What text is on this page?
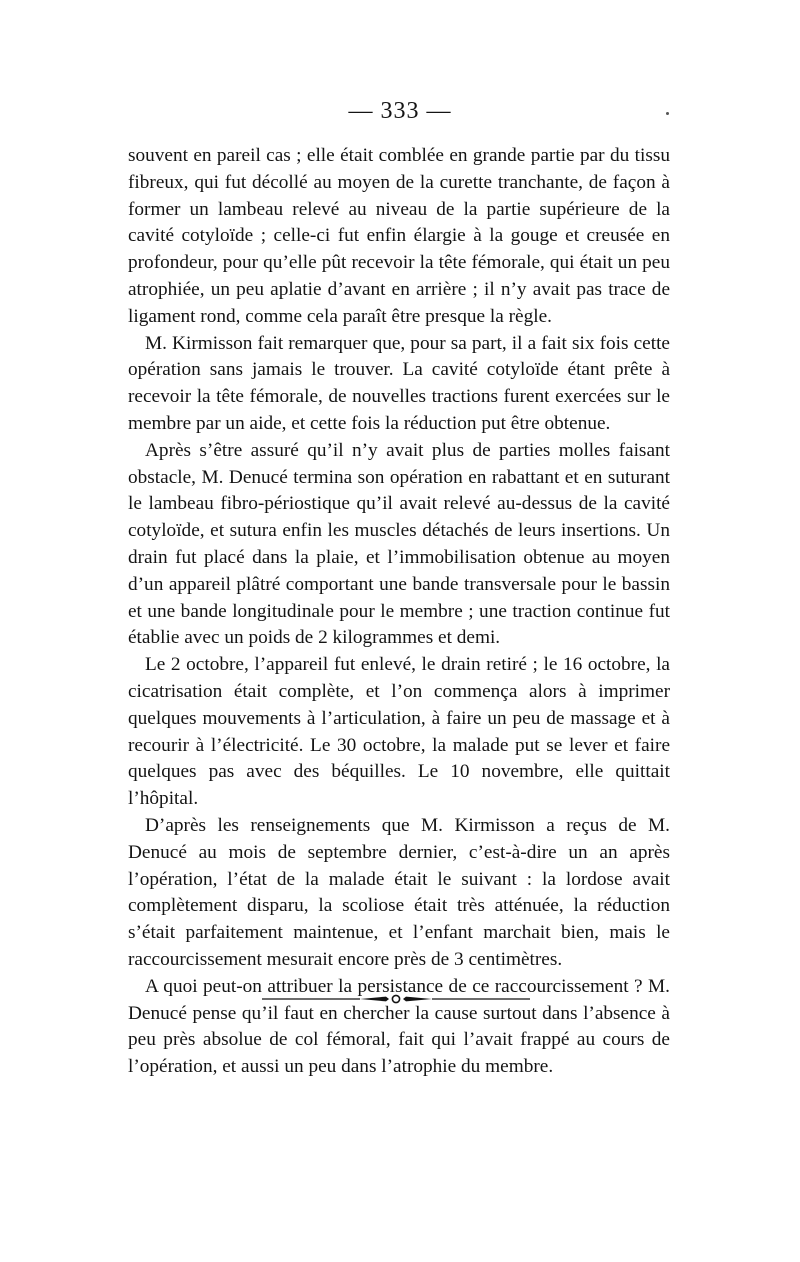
— 333 —

souvent en pareil cas ; elle était comblée en grande partie par du tissu fibreux, qui fut décollé au moyen de la curette tranchante, de façon à former un lambeau relevé au niveau de la partie supérieure de la cavité cotyloïde ; celle-ci fut enfin élargie à la gouge et creusée en profondeur, pour qu’elle pût recevoir la tête fémorale, qui était un peu atrophiée, un peu aplatie d’avant en arrière ; il n’y avait pas trace de ligament rond, comme cela paraît être presque la règle.

M. Kirmisson fait remarquer que, pour sa part, il a fait six fois cette opération sans jamais le trouver. La cavité cotyloïde étant prête à recevoir la tête fémorale, de nouvelles tractions furent exercées sur le membre par un aide, et cette fois la réduction put être obtenue.

Après s’être assuré qu’il n’y avait plus de parties molles faisant obstacle, M. Denucé termina son opération en rabattant et en suturant le lambeau fibro-périostique qu’il avait relevé au-dessus de la cavité cotyloïde, et sutura enfin les muscles détachés de leurs insertions. Un drain fut placé dans la plaie, et l’immobilisation obtenue au moyen d’un appareil plâtré comportant une bande transversale pour le bassin et une bande longitudinale pour le membre ; une traction continue fut établie avec un poids de 2 kilogrammes et demi.

Le 2 octobre, l’appareil fut enlevé, le drain retiré ; le 16 octobre, la cicatrisation était complète, et l’on commença alors à imprimer quelques mouvements à l’articulation, à faire un peu de massage et à recourir à l’électricité. Le 30 octobre, la malade put se lever et faire quelques pas avec des béquilles. Le 10 novembre, elle quittait l’hôpital.

D’après les renseignements que M. Kirmisson a reçus de M. Denucé au mois de septembre dernier, c’est-à-dire un an après l’opération, l’état de la malade était le suivant : la lordose avait complètement disparu, la scoliose était très atténuée, la réduction s’était parfaitement maintenue, et l’enfant marchait bien, mais le raccourcissement mesurait encore près de 3 centimètres.

A quoi peut-on attribuer la persistance de ce raccourcissement ? M. Denucé pense qu’il faut en chercher la cause surtout dans l’absence à peu près absolue de col fémoral, fait qui l’avait frappé au cours de l’opération, et aussi un peu dans l’atrophie du membre.
